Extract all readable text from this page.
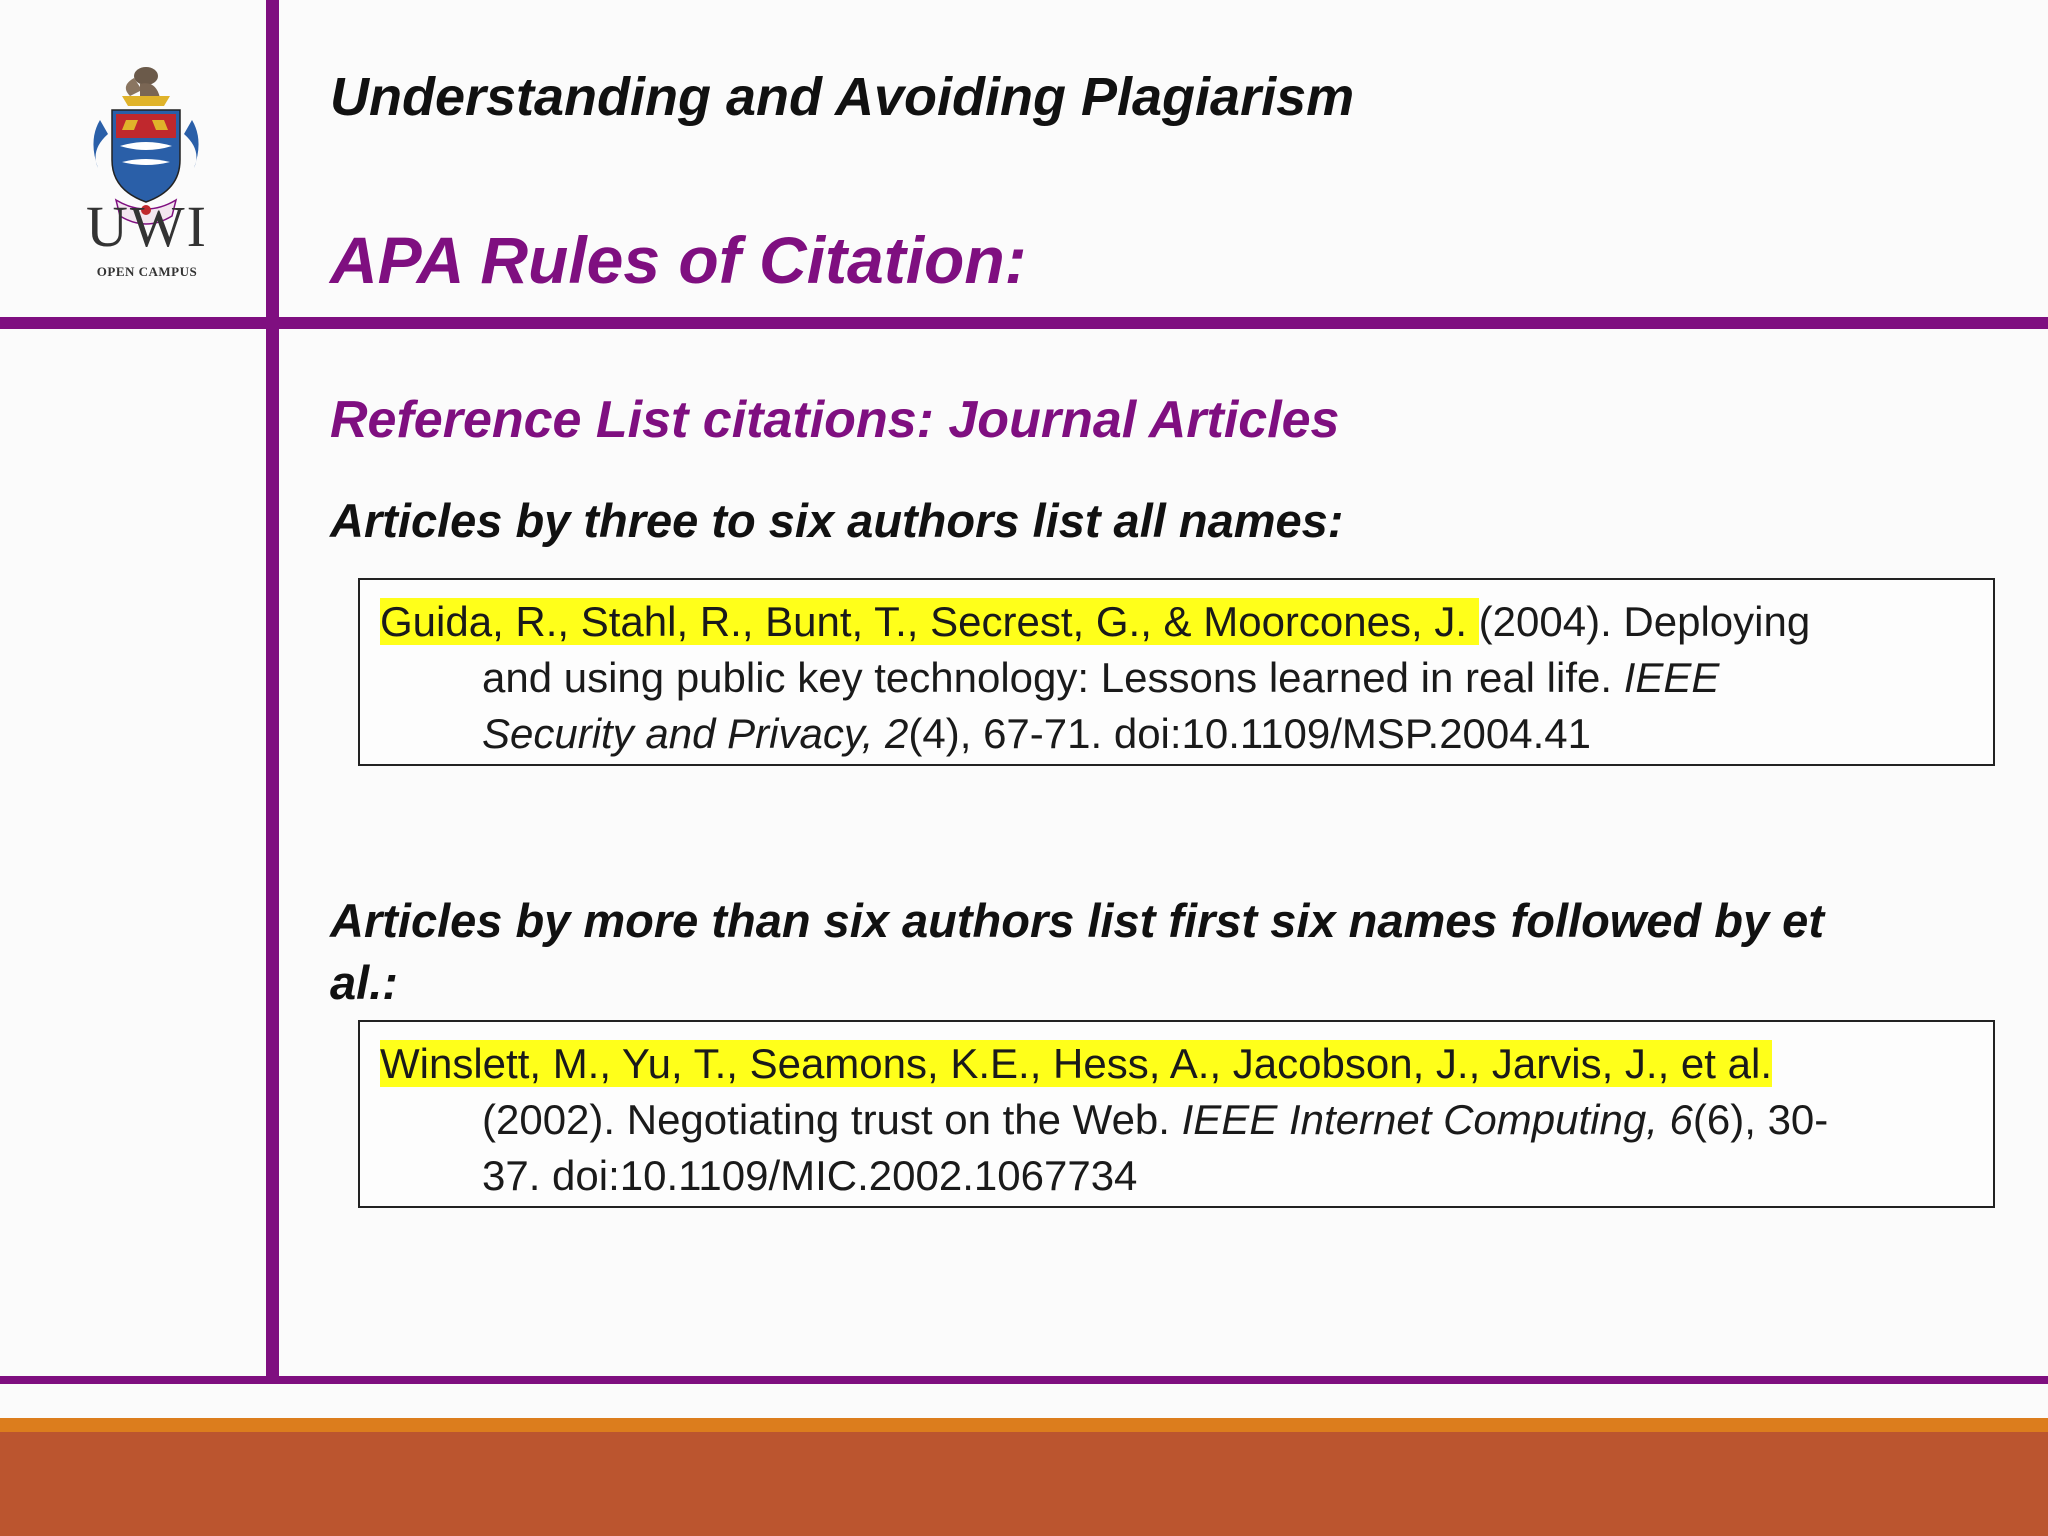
UWI
OPEN CAMPUS
Understanding and Avoiding Plagiarism
APA Rules of Citation:
Reference List citations: Journal Articles
Articles by three to six authors list all names:
Guida, R., Stahl, R., Bunt, T., Secrest, G., & Moorcones, J. (2004). Deploying
and using public key technology: Lessons learned in real life. IEEE
Security and Privacy, 2(4), 67-71. doi:10.1109/MSP.2004.41
Articles by more than six authors list first six names followed by et al.:
Winslett, M., Yu, T., Seamons, K.E., Hess, A., Jacobson, J., Jarvis, J., et al.
(2002). Negotiating trust on the Web. IEEE Internet Computing, 6(6), 30-
37. doi:10.1109/MIC.2002.1067734
